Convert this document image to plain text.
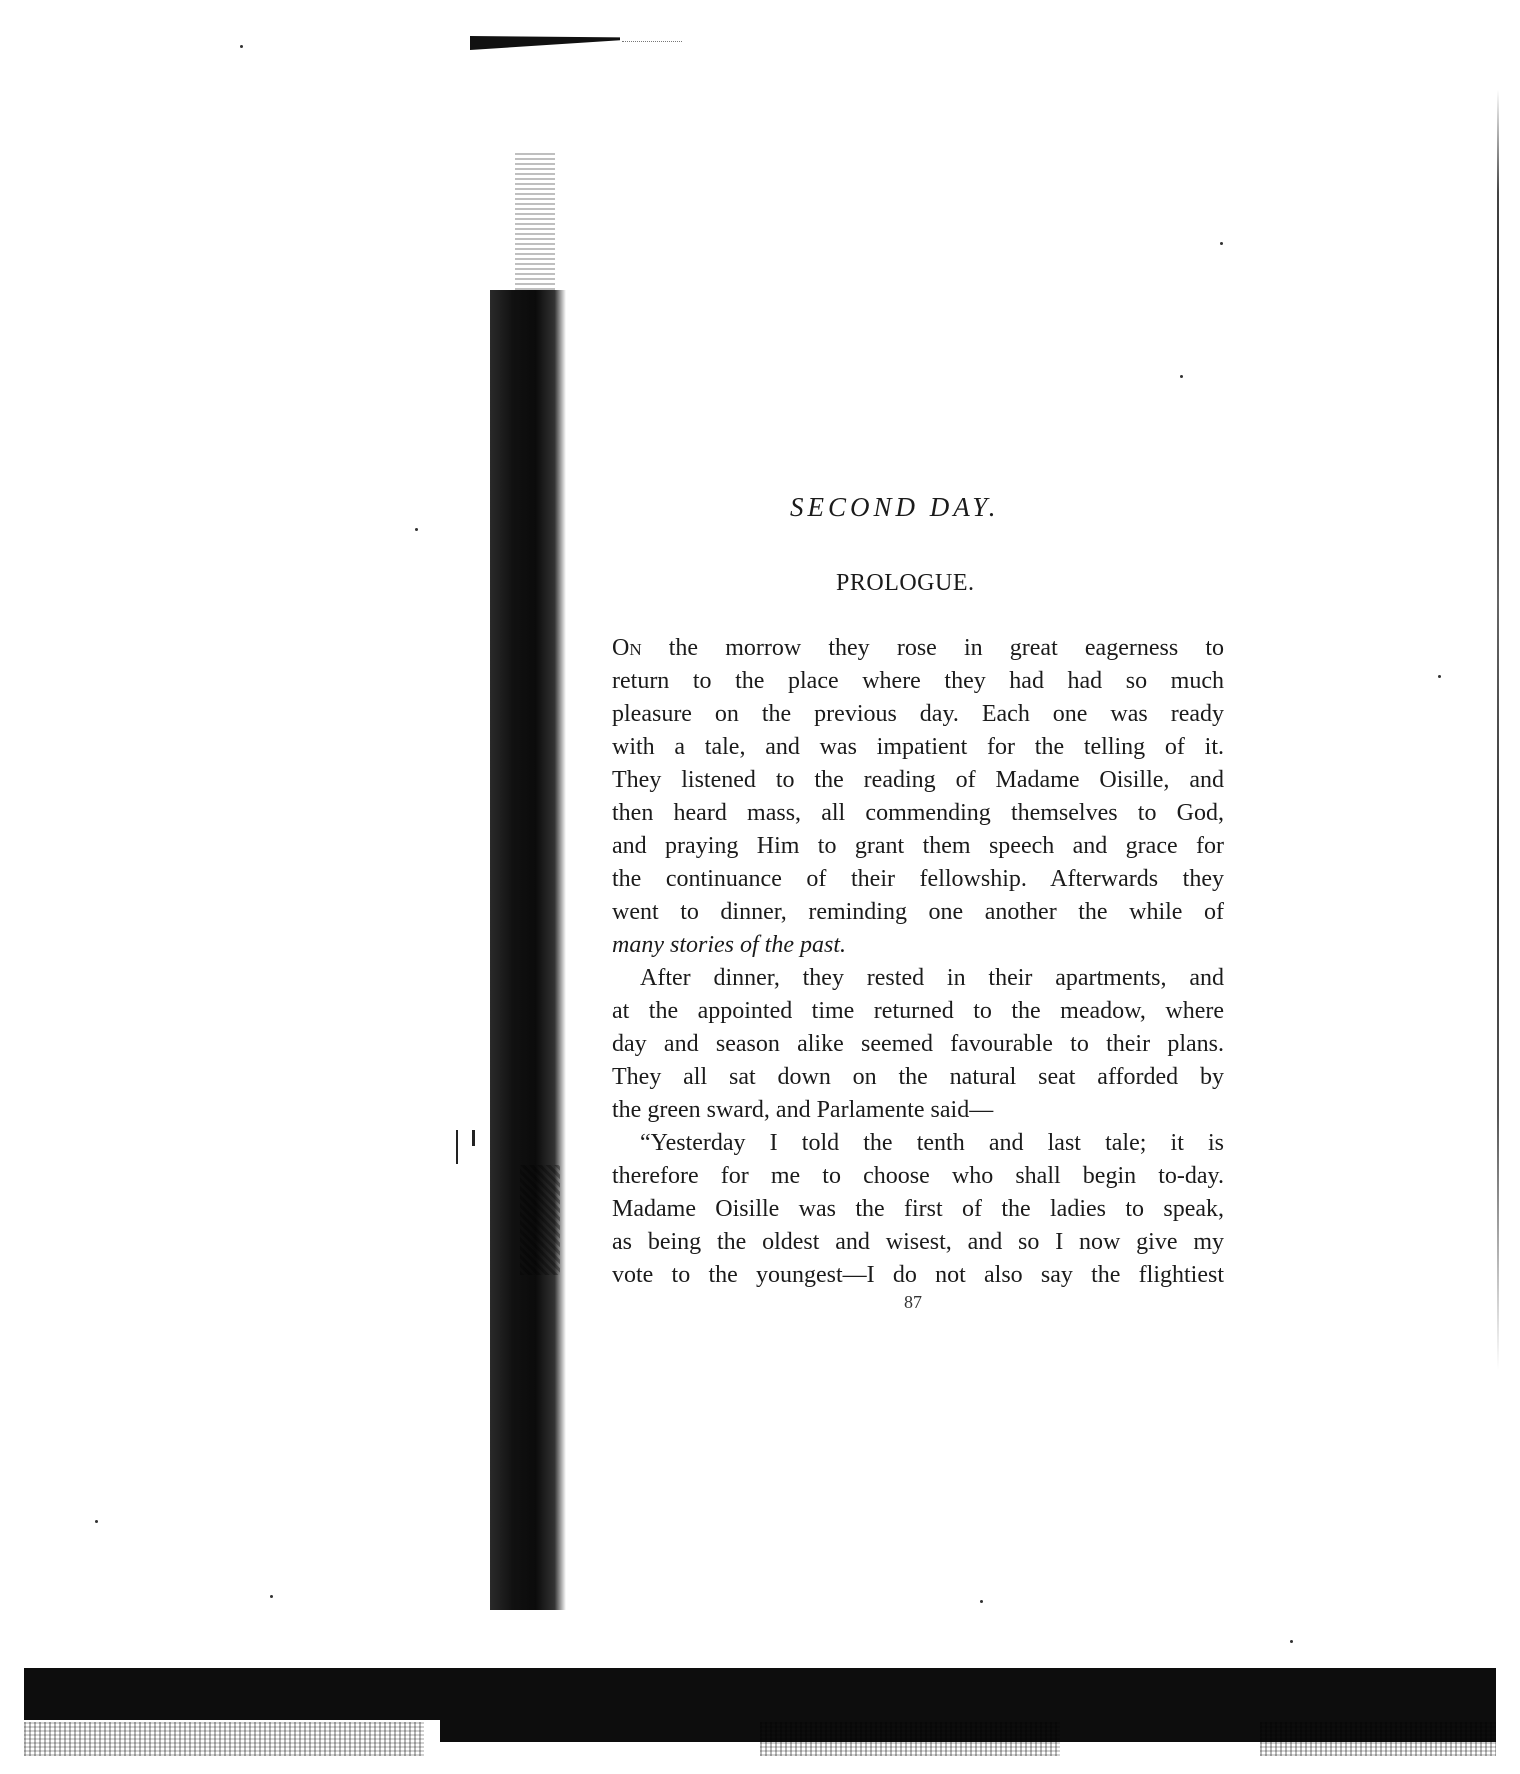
SECOND DAY.
PROLOGUE.

On the morrow they rose in great eagerness to
return to the place where they had had so much
pleasure on the previous day. Each one was ready
with a tale, and was impatient for the telling of it.
They listened to the reading of Madame Oisille, and
then heard mass, all commending themselves to God,
and praying Him to grant them speech and grace for
the continuance of their fellowship. Afterwards they
went to dinner, reminding one another the while of
many stories of the past.

After dinner, they rested in their apartments, and
at the appointed time returned to the meadow, where
day and season alike seemed favourable to their plans.
They all sat down on the natural seat afforded by
the green sward, and Parlamente said—

“Yesterday I told the tenth and last tale; it is
therefore for me to choose who shall begin to-day.
Madame Oisille was the first of the ladies to speak,
as being the oldest and wisest, and so I now give my
vote to the youngest—I do not also say the flightiest

87
